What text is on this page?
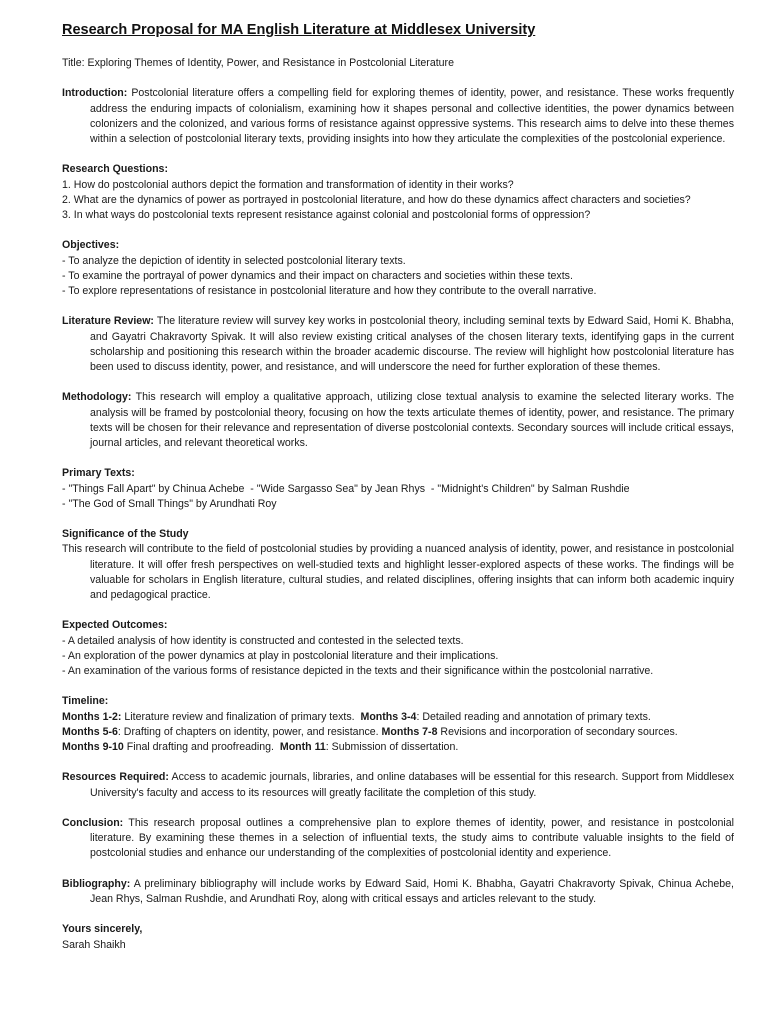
Research Proposal for MA English Literature at Middlesex University

Title: Exploring Themes of Identity, Power, and Resistance in Postcolonial Literature

Introduction: Postcolonial literature offers a compelling field for exploring themes of identity, power, and resistance. These works frequently address the enduring impacts of colonialism, examining how it shapes personal and collective identities, the power dynamics between colonizers and the colonized, and various forms of resistance against oppressive systems. This research aims to delve into these themes within a selection of postcolonial literary texts, providing insights into how they articulate the complexities of the postcolonial experience.

Research Questions:

1. How do postcolonial authors depict the formation and transformation of identity in their works?

2. What are the dynamics of power as portrayed in postcolonial literature, and how do these dynamics affect characters and societies?

3. In what ways do postcolonial texts represent resistance against colonial and postcolonial forms of oppression?

Objectives:

- To analyze the depiction of identity in selected postcolonial literary texts.

- To examine the portrayal of power dynamics and their impact on characters and societies within these texts.

- To explore representations of resistance in postcolonial literature and how they contribute to the overall narrative.

Literature Review: The literature review will survey key works in postcolonial theory, including seminal texts by Edward Said, Homi K. Bhabha, and Gayatri Chakravorty Spivak. It will also review existing critical analyses of the chosen literary texts, identifying gaps in the current scholarship and positioning this research within the broader academic discourse. The review will highlight how postcolonial literature has been used to discuss identity, power, and resistance, and will underscore the need for further exploration of these themes.

Methodology: This research will employ a qualitative approach, utilizing close textual analysis to examine the selected literary works. The analysis will be framed by postcolonial theory, focusing on how the texts articulate themes of identity, power, and resistance. The primary texts will be chosen for their relevance and representation of diverse postcolonial contexts. Secondary sources will include critical essays, journal articles, and relevant theoretical works.

Primary Texts:

- "Things Fall Apart" by Chinua Achebe  - "Wide Sargasso Sea" by Jean Rhys  - "Midnight's Children" by Salman Rushdie

- "The God of Small Things" by Arundhati Roy

Significance of the Study

This research will contribute to the field of postcolonial studies by providing a nuanced analysis of identity, power, and resistance in postcolonial literature. It will offer fresh perspectives on well-studied texts and highlight lesser-explored aspects of these works. The findings will be valuable for scholars in English literature, cultural studies, and related disciplines, offering insights that can inform both academic inquiry and pedagogical practice.

Expected Outcomes:

- A detailed analysis of how identity is constructed and contested in the selected texts.

- An exploration of the power dynamics at play in postcolonial literature and their implications.

- An examination of the various forms of resistance depicted in the texts and their significance within the postcolonial narrative.

Timeline:

Months 1-2: Literature review and finalization of primary texts.  Months 3-4: Detailed reading and annotation of primary texts.

Months 5-6: Drafting of chapters on identity, power, and resistance. Months 7-8 Revisions and incorporation of secondary sources.

Months 9-10 Final drafting and proofreading.  Month 11: Submission of dissertation.

Resources Required: Access to academic journals, libraries, and online databases will be essential for this research. Support from Middlesex University's faculty and access to its resources will greatly facilitate the completion of this study.

Conclusion: This research proposal outlines a comprehensive plan to explore themes of identity, power, and resistance in postcolonial literature. By examining these themes in a selection of influential texts, the study aims to contribute valuable insights to the field of postcolonial studies and enhance our understanding of the complexities of postcolonial identity and experience.

Bibliography: A preliminary bibliography will include works by Edward Said, Homi K. Bhabha, Gayatri Chakravorty Spivak, Chinua Achebe, Jean Rhys, Salman Rushdie, and Arundhati Roy, along with critical essays and articles relevant to the study.

Yours sincerely,

Sarah Shaikh
